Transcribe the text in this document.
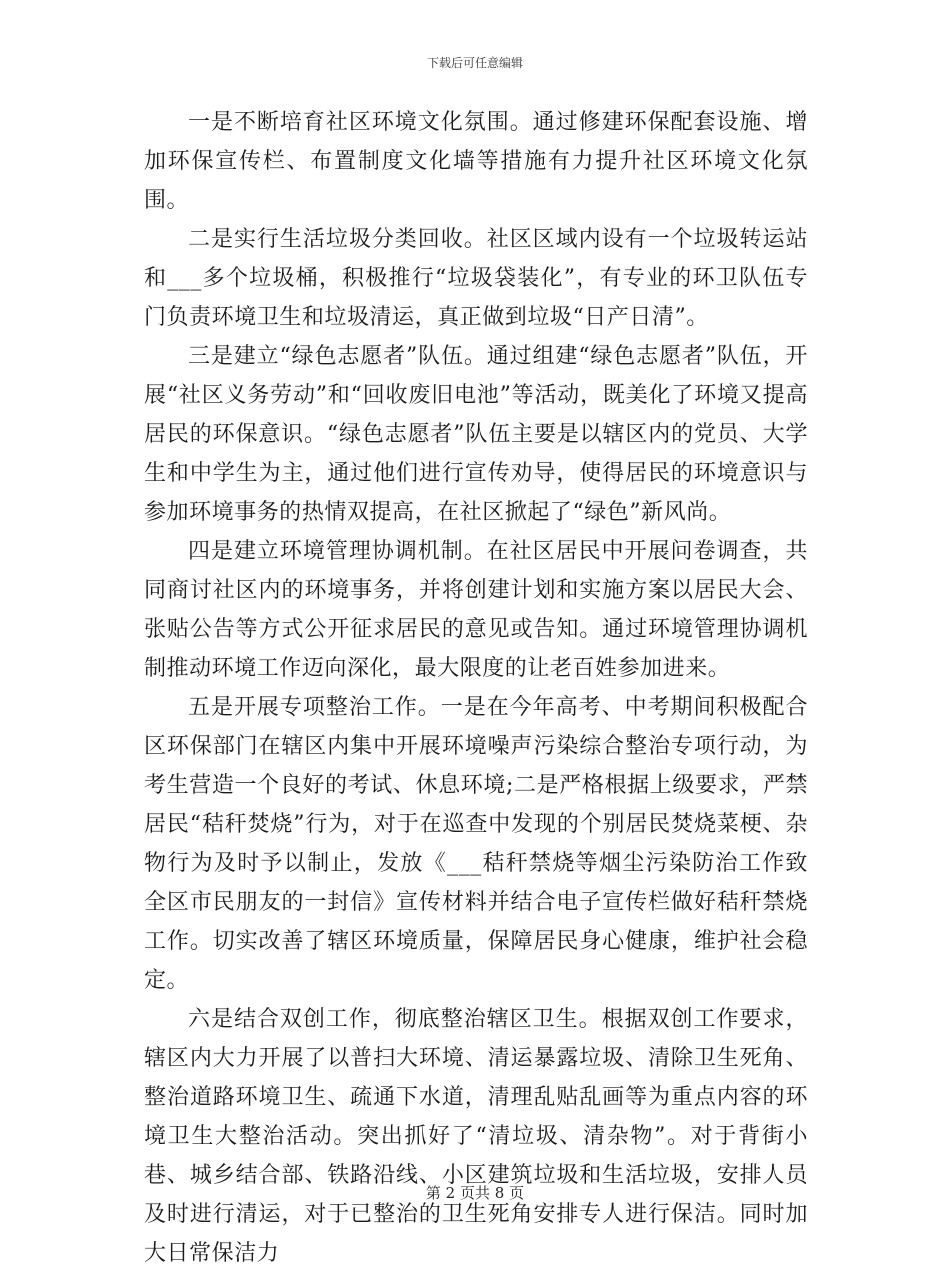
下载后可任意编辑

一是不断培育社区环境文化氛围。通过修建环保配套设施、增加环保宣传栏、布置制度文化墙等措施有力提升社区环境文化氛围。

二是实行生活垃圾分类回收。社区区域内设有一个垃圾转运站和___多个垃圾桶，积极推行“垃圾袋装化”，有专业的环卫队伍专门负责环境卫生和垃圾清运，真正做到垃圾“日产日清”。

三是建立“绿色志愿者”队伍。通过组建“绿色志愿者”队伍，开展“社区义务劳动”和“回收废旧电池”等活动，既美化了环境又提高居民的环保意识。“绿色志愿者”队伍主要是以辖区内的党员、大学生和中学生为主，通过他们进行宣传劝导，使得居民的环境意识与参加环境事务的热情双提高，在社区掀起了“绿色”新风尚。

四是建立环境管理协调机制。在社区居民中开展问卷调查，共同商讨社区内的环境事务，并将创建计划和实施方案以居民大会、张贴公告等方式公开征求居民的意见或告知。通过环境管理协调机制推动环境工作迈向深化，最大限度的让老百姓参加进来。

五是开展专项整治工作。一是在今年高考、中考期间积极配合区环保部门在辖区内集中开展环境噪声污染综合整治专项行动，为考生营造一个良好的考试、休息环境;二是严格根据上级要求，严禁居民“秸秆焚烧”行为，对于在巡查中发现的个别居民焚烧菜梗、杂物行为及时予以制止，发放《___秸秆禁烧等烟尘污染防治工作致全区市民朋友的一封信》宣传材料并结合电子宣传栏做好秸秆禁烧工作。切实改善了辖区环境质量，保障居民身心健康，维护社会稳定。

六是结合双创工作，彻底整治辖区卫生。根据双创工作要求，辖区内大力开展了以普扫大环境、清运暴露垃圾、清除卫生死角、整治道路环境卫生、疏通下水道，清理乱贴乱画等为重点内容的环境卫生大整治活动。突出抓好了“清垃圾、清杂物”。对于背街小巷、城乡结合部、铁路沿线、小区建筑垃圾和生活垃圾，安排人员及时进行清运，对于已整治的卫生死角安排专人进行保洁。同时加大日常保洁力

第 2 页共 8 页
